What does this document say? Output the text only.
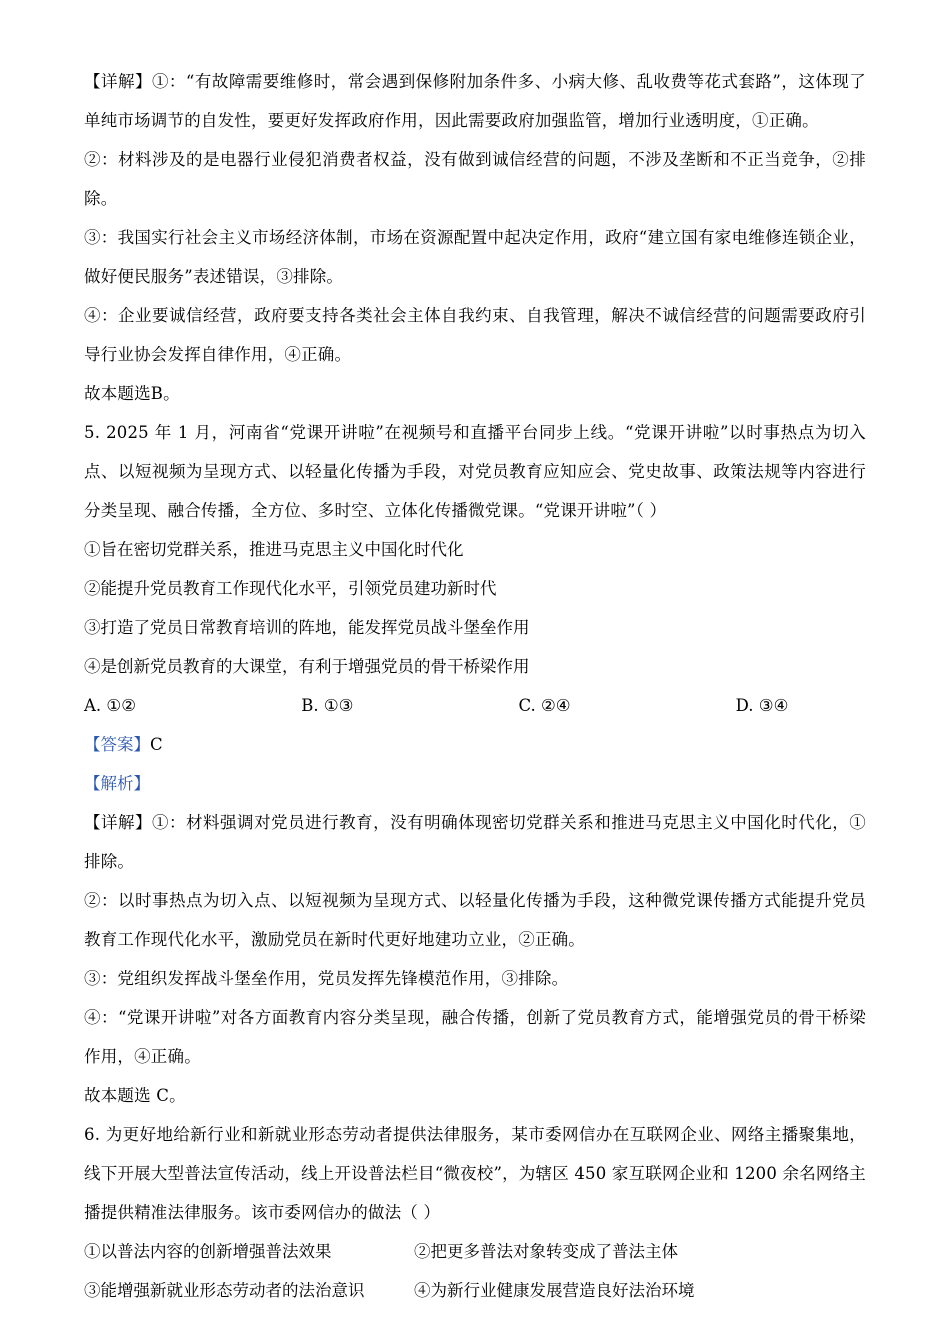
【详解】①：“有故障需要维修时，常会遇到保修附加条件多、小病大修、乱收费等花式套路”，这体现了单纯市场调节的自发性，要更好发挥政府作用，因此需要政府加强监管，增加行业透明度，①正确。

②：材料涉及的是电器行业侵犯消费者权益，没有做到诚信经营的问题，不涉及垄断和不正当竞争，②排除。

③：我国实行社会主义市场经济体制，市场在资源配置中起决定作用，政府“建立国有家电维修连锁企业，做好便民服务”表述错误，③排除。

④：企业要诚信经营，政府要支持各类社会主体自我约束、自我管理，解决不诚信经营的问题需要政府引导行业协会发挥自律作用，④正确。

故本题选B。

5. 2025 年 1 月，河南省“党课开讲啦”在视频号和直播平台同步上线。“党课开讲啦”以时事热点为切入点、以短视频为呈现方式、以轻量化传播为手段，对党员教育应知应会、党史故事、政策法规等内容进行分类呈现、融合传播，全方位、多时空、立体化传播微党课。“党课开讲啦”（ ）

①旨在密切党群关系，推进马克思主义中国化时代化

②能提升党员教育工作现代化水平，引领党员建功新时代

③打造了党员日常教育培训的阵地，能发挥党员战斗堡垒作用

④是创新党员教育的大课堂，有利于增强党员的骨干桥梁作用

A. ①②	B. ①③	C. ②④	D. ③④

【答案】C

【解析】

【详解】①：材料强调对党员进行教育，没有明确体现密切党群关系和推进马克思主义中国化时代化，①排除。

②：以时事热点为切入点、以短视频为呈现方式、以轻量化传播为手段，这种微党课传播方式能提升党员教育工作现代化水平，激励党员在新时代更好地建功立业，②正确。

③：党组织发挥战斗堡垒作用，党员发挥先锋模范作用，③排除。

④：“党课开讲啦”对各方面教育内容分类呈现，融合传播，创新了党员教育方式，能增强党员的骨干桥梁作用，④正确。

故本题选 C。

6. 为更好地给新行业和新就业形态劳动者提供法律服务，某市委网信办在互联网企业、网络主播聚集地，线下开展大型普法宣传活动，线上开设普法栏目“微夜校”，为辖区 450 家互联网企业和 1200 余名网络主播提供精准法律服务。该市委网信办的做法（ ）

①以普法内容的创新增强普法效果	②把更多普法对象转变成了普法主体
③能增强新就业形态劳动者的法治意识	④为新行业健康发展营造良好法治环境
